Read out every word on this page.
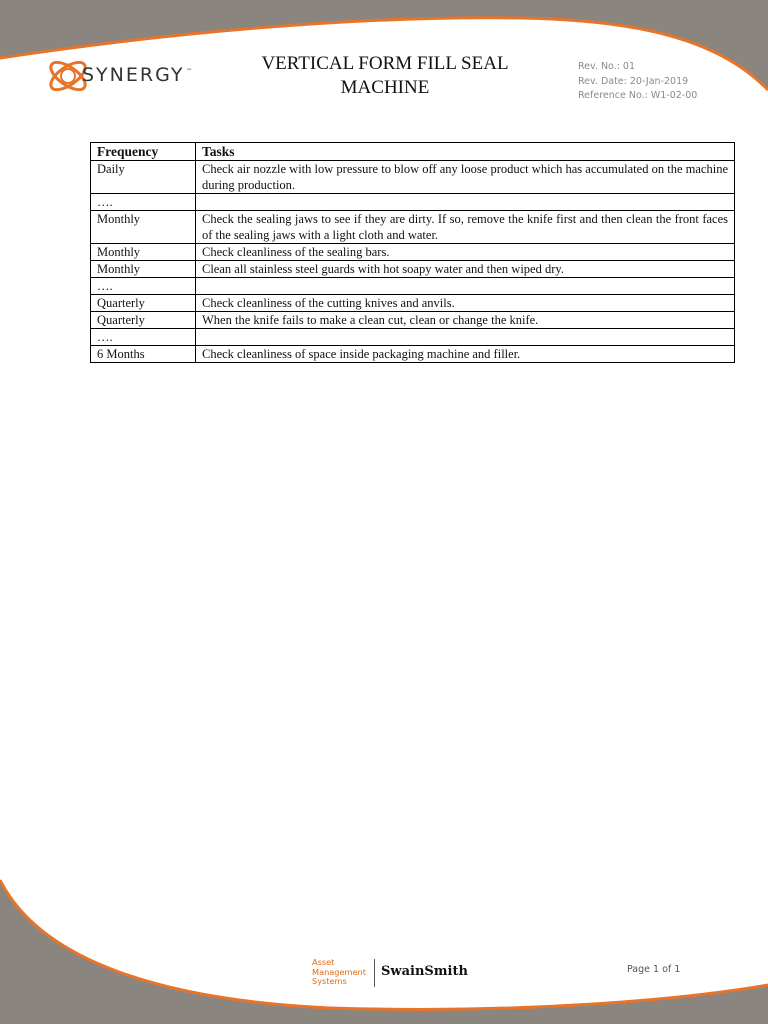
SYNERGY ™	VERTICAL FORM FILL SEAL
MACHINE
Rev. No.: 01
Rev. Date: 20-Jan-2019
Reference No.: W1-02-00
Frequency	Tasks
Daily	Check air nozzle with low pressure to blow off any loose product which has accumulated on the machine during production.
….	
Monthly	Check the sealing jaws to see if they are dirty. If so, remove the knife first and then clean the front faces of the sealing jaws with a light cloth and water.
Monthly	Check cleanliness of the sealing bars.
Monthly	Clean all stainless steel guards with hot soapy water and then wiped dry.
….	
Quarterly	Check cleanliness of the cutting knives and anvils.
Quarterly	When the knife fails to make a clean cut, clean or change the knife.
….	
6 Months	Check cleanliness of space inside packaging machine and filler.
Asset
Management
Systems
SwainSmith	Page 1 of 1
